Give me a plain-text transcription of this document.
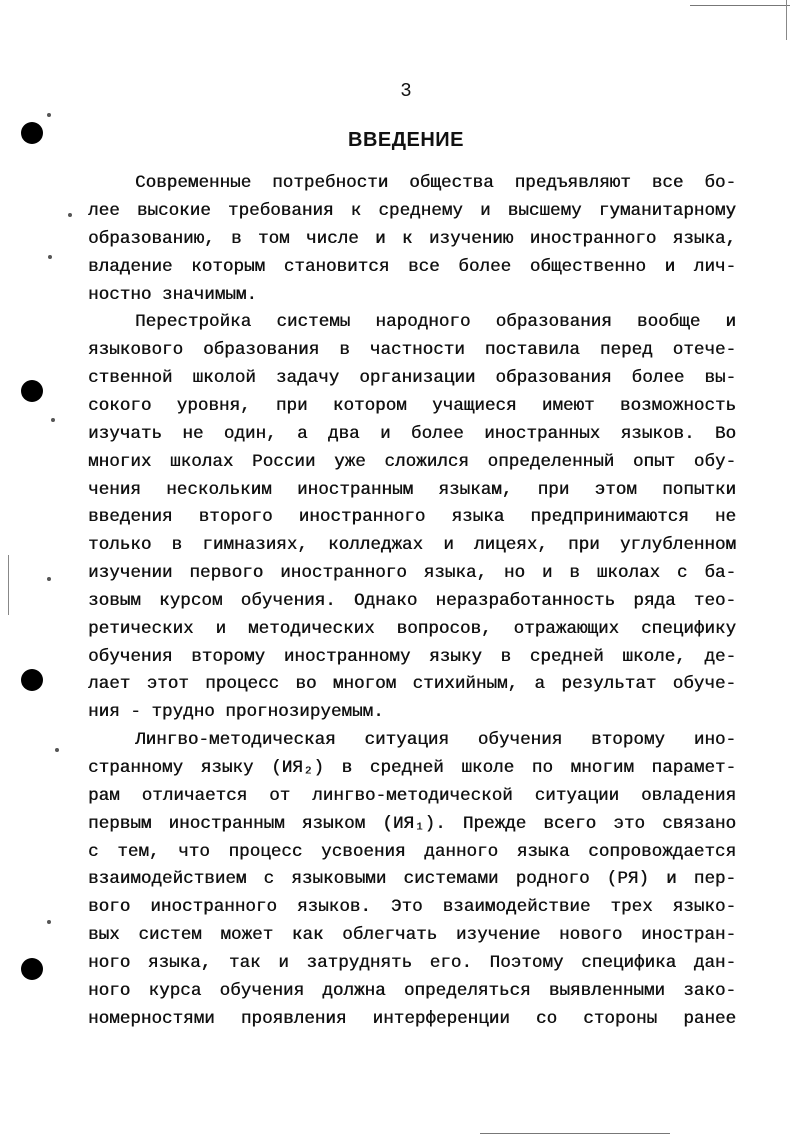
3
ВВЕДЕНИЕ
Современные потребности общества предъявляют все бо-
лее высокие требования к среднему и высшему гуманитарному
образованию, в том числе и к изучению иностранного языка,
владение которым становится все более общественно и лич-
ностно значимым.
Перестройка системы народного образования вообще и
языкового образования в частности поставила перед отече-
ственной школой задачу организации образования более вы-
сокого уровня, при котором учащиеся имеют возможность
изучать не один, а два и более иностранных языков. Во
многих школах России уже сложился определенный опыт обу-
чения нескольким иностранным языкам, при этом попытки
введения второго иностранного языка предпринимаются не
только в гимназиях, колледжах и лицеях, при углубленном
изучении первого иностранного языка, но и в школах с ба-
зовым курсом обучения. Однако неразработанность ряда тео-
ретических и методических вопросов, отражающих специфику
обучения второму иностранному языку в средней школе, де-
лает этот процесс во многом стихийным, а результат обуче-
ния - трудно прогнозируемым.
Лингво-методическая ситуация обучения второму ино-
странному языку (ИЯ₂) в средней школе по многим парамет-
рам отличается от лингво-методической ситуации овладения
первым иностранным языком (ИЯ₁). Прежде всего это связано
с тем, что процесс усвоения данного языка сопровождается
взаимодействием с языковыми системами родного (РЯ) и пер-
вого иностранного языков. Это взаимодействие трех языко-
вых систем может как облегчать изучение нового иностран-
ного языка, так и затруднять его. Поэтому специфика дан-
ного курса обучения должна определяться выявленными зако-
номерностями проявления интерференции со стороны ранее
